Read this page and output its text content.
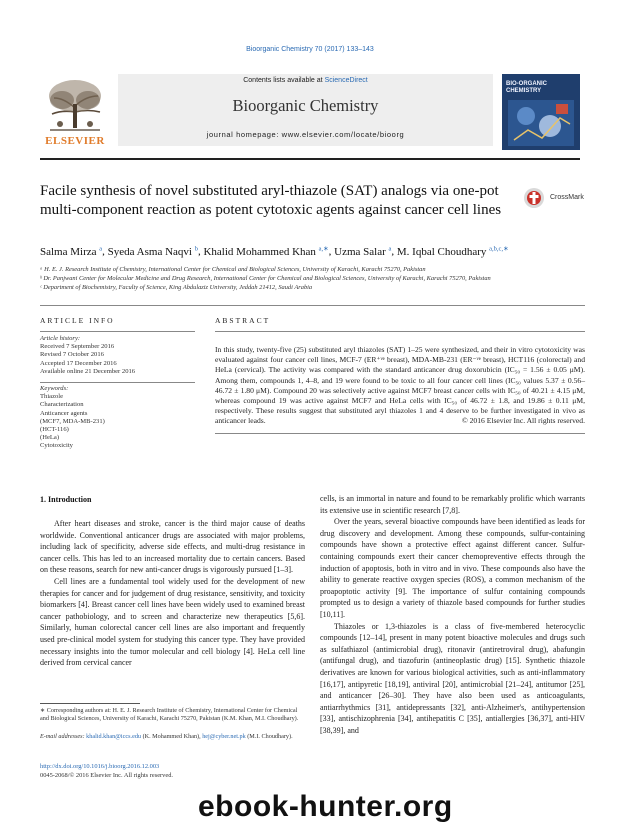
Bioorganic Chemistry 70 (2017) 133–143
ELSEVIER
Contents lists available at ScienceDirect
Bioorganic Chemistry
journal homepage: www.elsevier.com/locate/bioorg
BIO-ORGANIC CHEMISTRY
Facile synthesis of novel substituted aryl-thiazole (SAT) analogs via one-pot multi-component reaction as potent cytotoxic agents against cancer cell lines
CrossMark
Salma Mirza $^a$, Syeda Asma Naqvi $^b$, Khalid Mohammed Khan $^{a,∗}$, Uzma Salar $^a$, M. Iqbal Choudhary $^{a,b,c,∗}$
ᵃ H. E. J. Research Institute of Chemistry, International Center for Chemical and Biological Sciences, University of Karachi, Karachi 75270, Pakistan
ᵇ Dr. Panjwani Center for Molecular Medicine and Drug Research, International Center for Chemical and Biological Sciences, University of Karachi, Karachi 75270, Pakistan
ᶜ Department of Biochemistry, Faculty of Science, King Abdulaziz University, Jeddah 21412, Saudi Arabia
ARTICLE INFO
Article history:
Received 7 September 2016
Revised 7 October 2016
Accepted 17 December 2016
Available online 21 December 2016
Keywords:
Thiazole
Characterization
Anticancer agents
(MCF7, MDA-MB-231)
(HCT-116)
(HeLa)
Cytotoxicity
ABSTRACT
In this study, twenty-five (25) substituted aryl thiazoles (SAT) 1–25 were synthesized, and their in vitro cytotoxicity was evaluated against four cancer cell lines, MCF-7 (ER⁺ᵛᵉ breast), MDA-MB-231 (ER⁻ᵛᵉ breast), HCT116 (colorectal) and HeLa (cervical). The activity was compared with the standard anticancer drug doxorubicin (IC₅₀ = 1.56 ± 0.05 μM). Among them, compounds 1, 4–8, and 19 were found to be toxic to all four cancer cell lines (IC₅₀ values 5.37 ± 0.56–46.72 ± 1.80 μM). Compound 20 was selectively active against MCF7 breast cancer cells with IC₅₀ of 40.21 ± 4.15 μM, whereas compound 19 was active against MCF7 and HeLa cells with IC₅₀ of 46.72 ± 1.8, and 19.86 ± 0.11 μM, respectively. These results suggest that substituted aryl thiazoles 1 and 4 deserve to be further investigated in vivo as anticancer leads.	© 2016 Elsevier Inc. All rights reserved.
1. Introduction

After heart diseases and stroke, cancer is the third major cause of deaths worldwide. Conventional anticancer drugs are associated with major problems, including lack of specificity, adverse side effects, and multi-drug resistance in cancer cells. This has led to an increased mortality due to certain cancers. Based on these reasons, search for new anti-cancer drugs is vigorously pursued [1–3].

Cell lines are a fundamental tool widely used for the development of new therapies for cancer and for judgement of drug resistance, sensitivity, and toxicity biomarkers [4]. Breast cancer cell lines have been widely used to examined breast cancer pathobiology, and to screen and characterize new therapeutics [5,6]. Similarly, human colorectal cancer cell lines are also important and frequently used pre-clinical model system for studying this cancer type. They have provided necessary insights into the tumor molecular and cell biology [4]. HeLa cell line derived from cervical cancer

cells, is an immortal in nature and found to be remarkably prolific which warrants its extensive use in scientific research [7,8].

Over the years, several bioactive compounds have been identified as leads for drug discovery and development. Among these compounds, sulfur-containing compounds have shown a protective effect against different cancer. Sulfur-containing compounds exert their cancer chemopreventive effects through the induction of apoptosis, both in vitro and in vivo. These compounds also have the ability to generate reactive oxygen species (ROS), a common mechanism of the proapoptotic activity [9]. The importance of sulfur containing compounds prompted us to design a variety of thiazole based compounds for further studies [10,11].

Thiazoles or 1,3-thiazoles is a class of five-membered heterocyclic compounds [12–14], present in many potent bioactive molecules and drugs such as sulfathiazol (antimicrobial drug), ritonavir (antiretroviral drug), abafungin (antifungal drug), and tiazofurin (antineoplastic drug) [15]. Synthetic thiazole derivatives are known for various biological activities, such as anti-inflammatory [16,17], antipyretic [18,19], antiviral [20], antimicrobial [21–24], antitumor [25], and anticancer [26–30]. They have also been used as anticoagulants, antiarrhythmics [31], antidepressants [32], anti-Alzheimer's, antihypertension [33], antischizophrenia [34], antihepatitis C [35], antiallergies [36,37], anti-HIV [38,39], and

∗ Corresponding authors at: H. E. J. Research Institute of Chemistry, International Center for Chemical and Biological Sciences, University of Karachi, Karachi 75270, Pakistan (K.M. Khan, M.I. Choudhary).
E-mail addresses: khalid.khan@iccs.edu (K. Mohammed Khan), hej@cyber.net.pk (M.I. Choudhary).
http://dx.doi.org/10.1016/j.bioorg.2016.12.003
0045-2068/© 2016 Elsevier Inc. All rights reserved.
ebook-hunter.org
